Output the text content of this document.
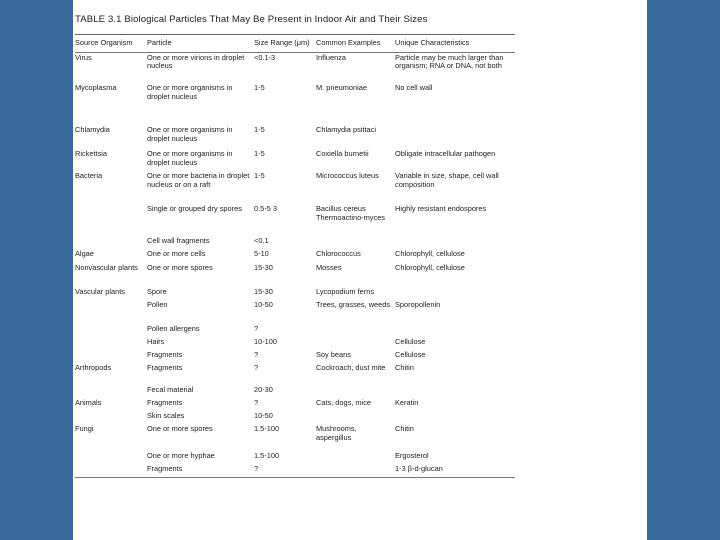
TABLE 3.1 Biological Particles That May Be Present in Indoor Air and Their Sizes
Source Organism	Particle	Size Range (μm)	Common Examples	Unique Characteristics
Virus	One or more virions in droplet nucleus	<0.1-3	Influenza	Particle may be much larger than organism; RNA or DNA, not both
Mycoplasma	One or more organisms in droplet nucleus	1-5	M. pneumoniae	No cell wall
Chlamydia	One or more organisms in droplet nucleus	1-5	Chlamydia psittaci	
Rickettsia	One or more organisms in droplet nucleus	1-5	Coxiella burnetii	Obligate intracellular pathogen
Bacteria	One or more bacteria in droplet nucleus or on a raft	1-5	Micrococcus luteus	Variable in size, shape, cell wall composition
	Single or grouped dry spores	0.5-5 3	Bacillus cereus Thermoactino-myces	Highly resistant endospores
	Cell wall fragments	<0.1		
Algae	One or more cells	5-10	Chlorococcus	Chlorophyll, cellulose
Nonvascular plants	One or more spores	15-30	Mosses	Chlorophyll, cellulose
Vascular plants	Spore	15-30	Lycopodium ferns	
	Pollen	10-50	Trees, grasses, weeds	Sporopollenin
	Pollen allergens	?		
	Hairs	10-100		Cellulose
	Fragments	?	Soy beans	Cellulose
Arthropods	Fragments	?	Cockroach, dust mite	Chitin
	Fecal material	20-30		
Animals	Fragments	?	Cats, dogs, mice	Keratin
	Skin scales	10-50		
Fungi	One or more spores	1.5-100	Mushrooms, aspergillus	Chitin
	One or more hyphae	1.5-100		Ergosterol
	Fragments	?		1-3 β-d-glucan
